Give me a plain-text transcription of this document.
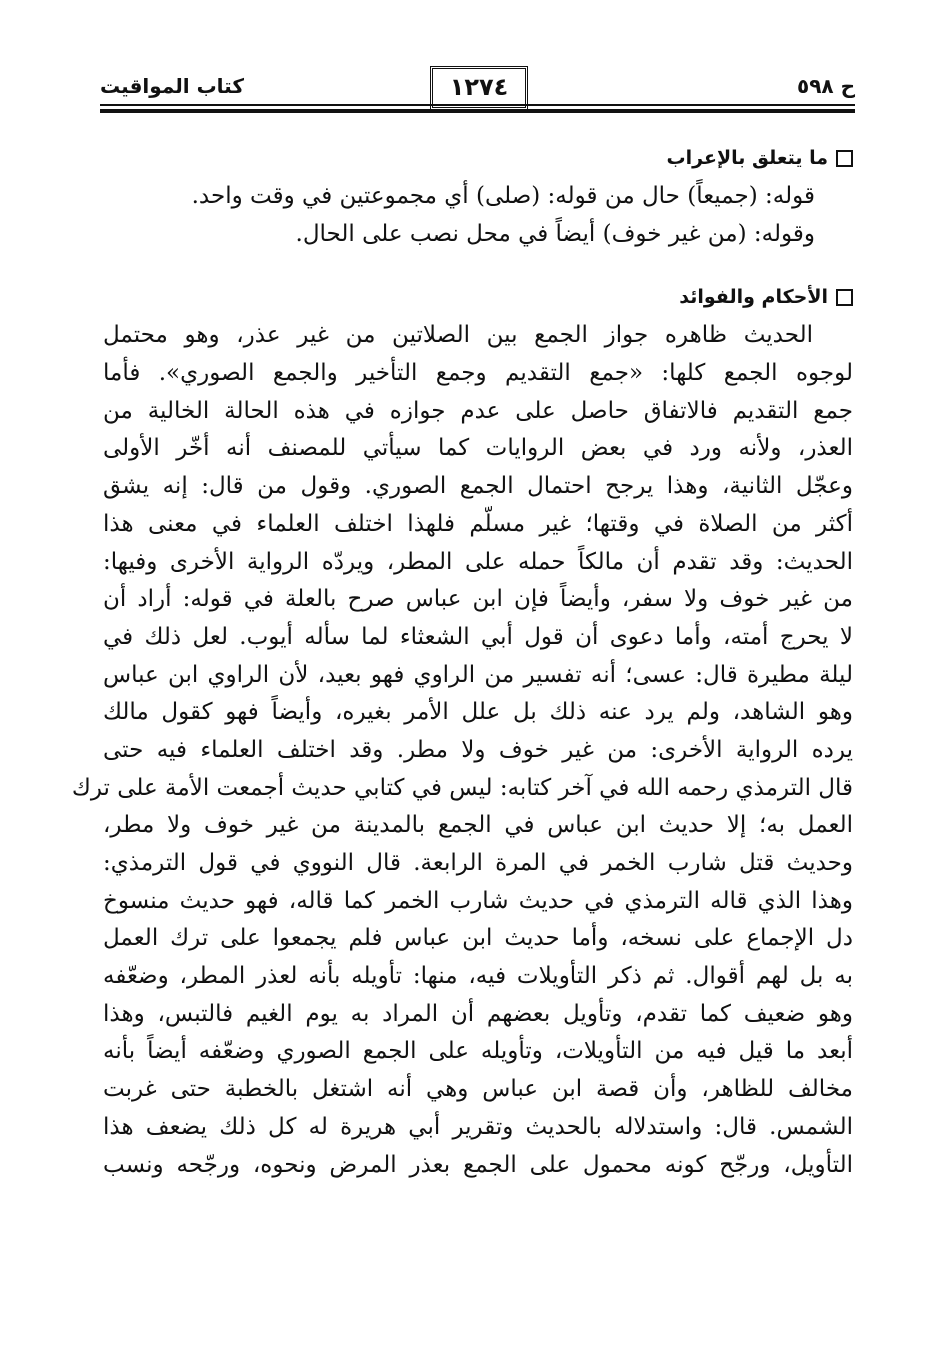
ح ٥٩٨
١٢٧٤
كتاب المواقيت
ما يتعلق بالإعراب
قوله: (جميعاً) حال من قوله: (صلى) أي مجموعتين في وقت واحد.
وقوله: (من غير خوف) أيضاً في محل نصب على الحال.
الأحكام والفوائد
الحديث ظاهره جواز الجمع بين الصلاتين من غير عذر، وهو محتمل
لوجوه الجمع كلها: «جمع التقديم وجمع التأخير والجمع الصوري». فأما
جمع التقديم فالاتفاق حاصل على عدم جوازه في هذه الحالة الخالية من
العذر، ولأنه ورد في بعض الروايات كما سيأتي للمصنف أنه أخّر الأولى
وعجّل الثانية، وهذا يرجح احتمال الجمع الصوري. وقول من قال: إنه يشق
أكثر من الصلاة في وقتها؛ غير مسلّم فلهذا اختلف العلماء في معنى هذا
الحديث: وقد تقدم أن مالكاً حمله على المطر، ويردّه الرواية الأخرى وفيها:
من غير خوف ولا سفر، وأيضاً فإن ابن عباس صرح بالعلة في قوله: أراد أن
لا يحرج أمته، وأما دعوى أن قول أبي الشعثاء لما سأله أيوب. لعل ذلك في
ليلة مطيرة قال: عسى؛ أنه تفسير من الراوي فهو بعيد، لأن الراوي ابن عباس
وهو الشاهد، ولم يرد عنه ذلك بل علل الأمر بغيره، وأيضاً فهو كقول مالك
يرده الرواية الأخرى: من غير خوف ولا مطر. وقد اختلف العلماء فيه حتى
قال الترمذي رحمه الله في آخر كتابه: ليس في كتابي حديث أجمعت الأمة على ترك
العمل به؛ إلا حديث ابن عباس في الجمع بالمدينة من غير خوف ولا مطر،
وحديث قتل شارب الخمر في المرة الرابعة. قال النووي في قول الترمذي:
وهذا الذي قاله الترمذي في حديث شارب الخمر كما قاله، فهو حديث منسوخ
دل الإجماع على نسخه، وأما حديث ابن عباس فلم يجمعوا على ترك العمل
به بل لهم أقوال. ثم ذكر التأويلات فيه، منها: تأويله بأنه لعذر المطر، وضعّفه
وهو ضعيف كما تقدم، وتأويل بعضهم أن المراد به يوم الغيم فالتبس، وهذا
أبعد ما قيل فيه من التأويلات، وتأويله على الجمع الصوري وضعّفه أيضاً بأنه
مخالف للظاهر، وأن قصة ابن عباس وهي أنه اشتغل بالخطبة حتى غربت
الشمس. قال: واستدلاله بالحديث وتقرير أبي هريرة له كل ذلك يضعف هذا
التأويل، ورجّح كونه محمول على الجمع بعذر المرض ونحوه، ورجّحه ونسب
